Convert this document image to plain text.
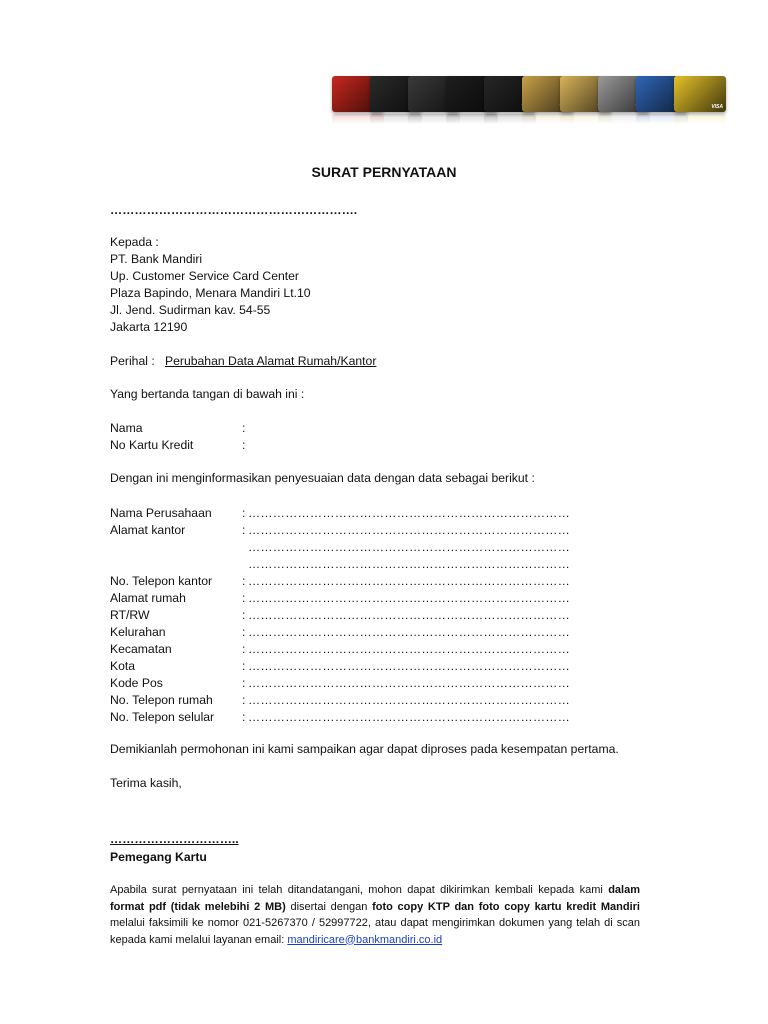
VISA
SURAT PERNYATAAN
…………………………………………………….
Kepada :
PT. Bank Mandiri
Up. Customer Service Card Center
Plaza Bapindo, Menara Mandiri Lt.10
Jl. Jend. Sudirman kav. 54-55
Jakarta 12190
Perihal : Perubahan Data Alamat Rumah/Kantor
Yang bertanda tangan di bawah ini :
Nama	:
No Kartu Kredit	:
Dengan ini menginformasikan penyesuaian data dengan data sebagai berikut :
Nama Perusahaan : ……………………………………………………………………
Alamat kantor	: ……………………………………………………………………
……………………………………………………………………
……………………………………………………………………
No. Telepon kantor : ……………………………………………………………………
Alamat rumah	: ……………………………………………………………………
RT/RW	: ……………………………………………………………………
Kelurahan	: ……………………………………………………………………
Kecamatan	: ……………………………………………………………………
Kota	: ……………………………………………………………………
Kode Pos	: ……………………………………………………………………
No. Telepon rumah : ……………………………………………………………………
No. Telepon selular : ……………………………………………………………………
Demikianlah permohonan ini kami sampaikan agar dapat diproses pada kesempatan pertama.
Terima kasih,
…………………………..
Pemegang Kartu
Apabila surat pernyataan ini telah ditandatangani, mohon dapat dikirimkan kembali kepada kami dalam format pdf (tidak melebihi 2 MB) disertai dengan foto copy KTP dan foto copy kartu kredit Mandiri melalui faksimili ke nomor 021-5267370 / 52997722, atau dapat mengirimkan dokumen yang telah di scan kepada kami melalui layanan email: mandiricare@bankmandiri.co.id
